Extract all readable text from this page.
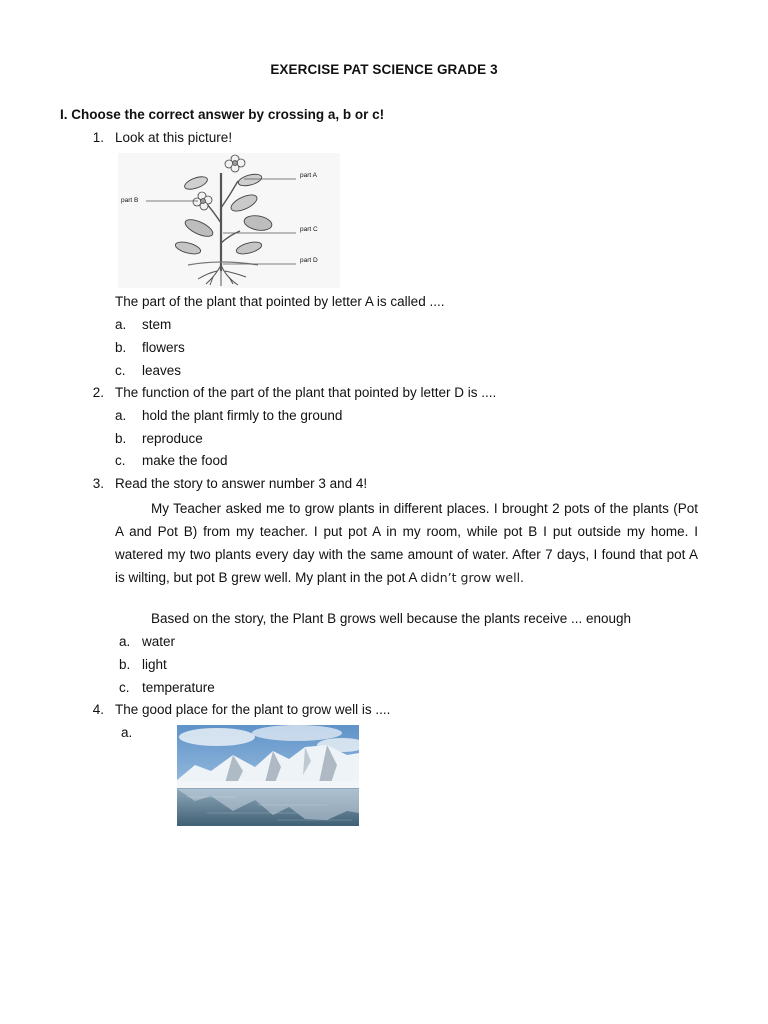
EXERCISE PAT SCIENCE GRADE 3
I. Choose the correct answer by crossing a, b or c!
1. Look at this picture!
part A
part B
part C
part D
The part of the plant that pointed by letter A is called ....
a. stem
b. flowers
c. leaves
2. The function of the part of the plant that pointed by letter D is ....
a. hold the plant firmly to the ground
b. reproduce
c. make the food
3. Read the story to answer number 3 and 4!
My Teacher asked me to grow plants in different places. I brought 2 pots of the plants (Pot A and Pot B) from my teacher. I put pot A in my room, while pot B I put outside my home. I watered my two plants every day with the same amount of water. After 7 days, I found that pot A is wilting, but pot B grew well. My plant in the pot A didn’t grow well.
Based on the story, the Plant B grows well because the plants receive ... enough
a. water
b. light
c. temperature
4. The good place for the plant to grow well is ....
a.
